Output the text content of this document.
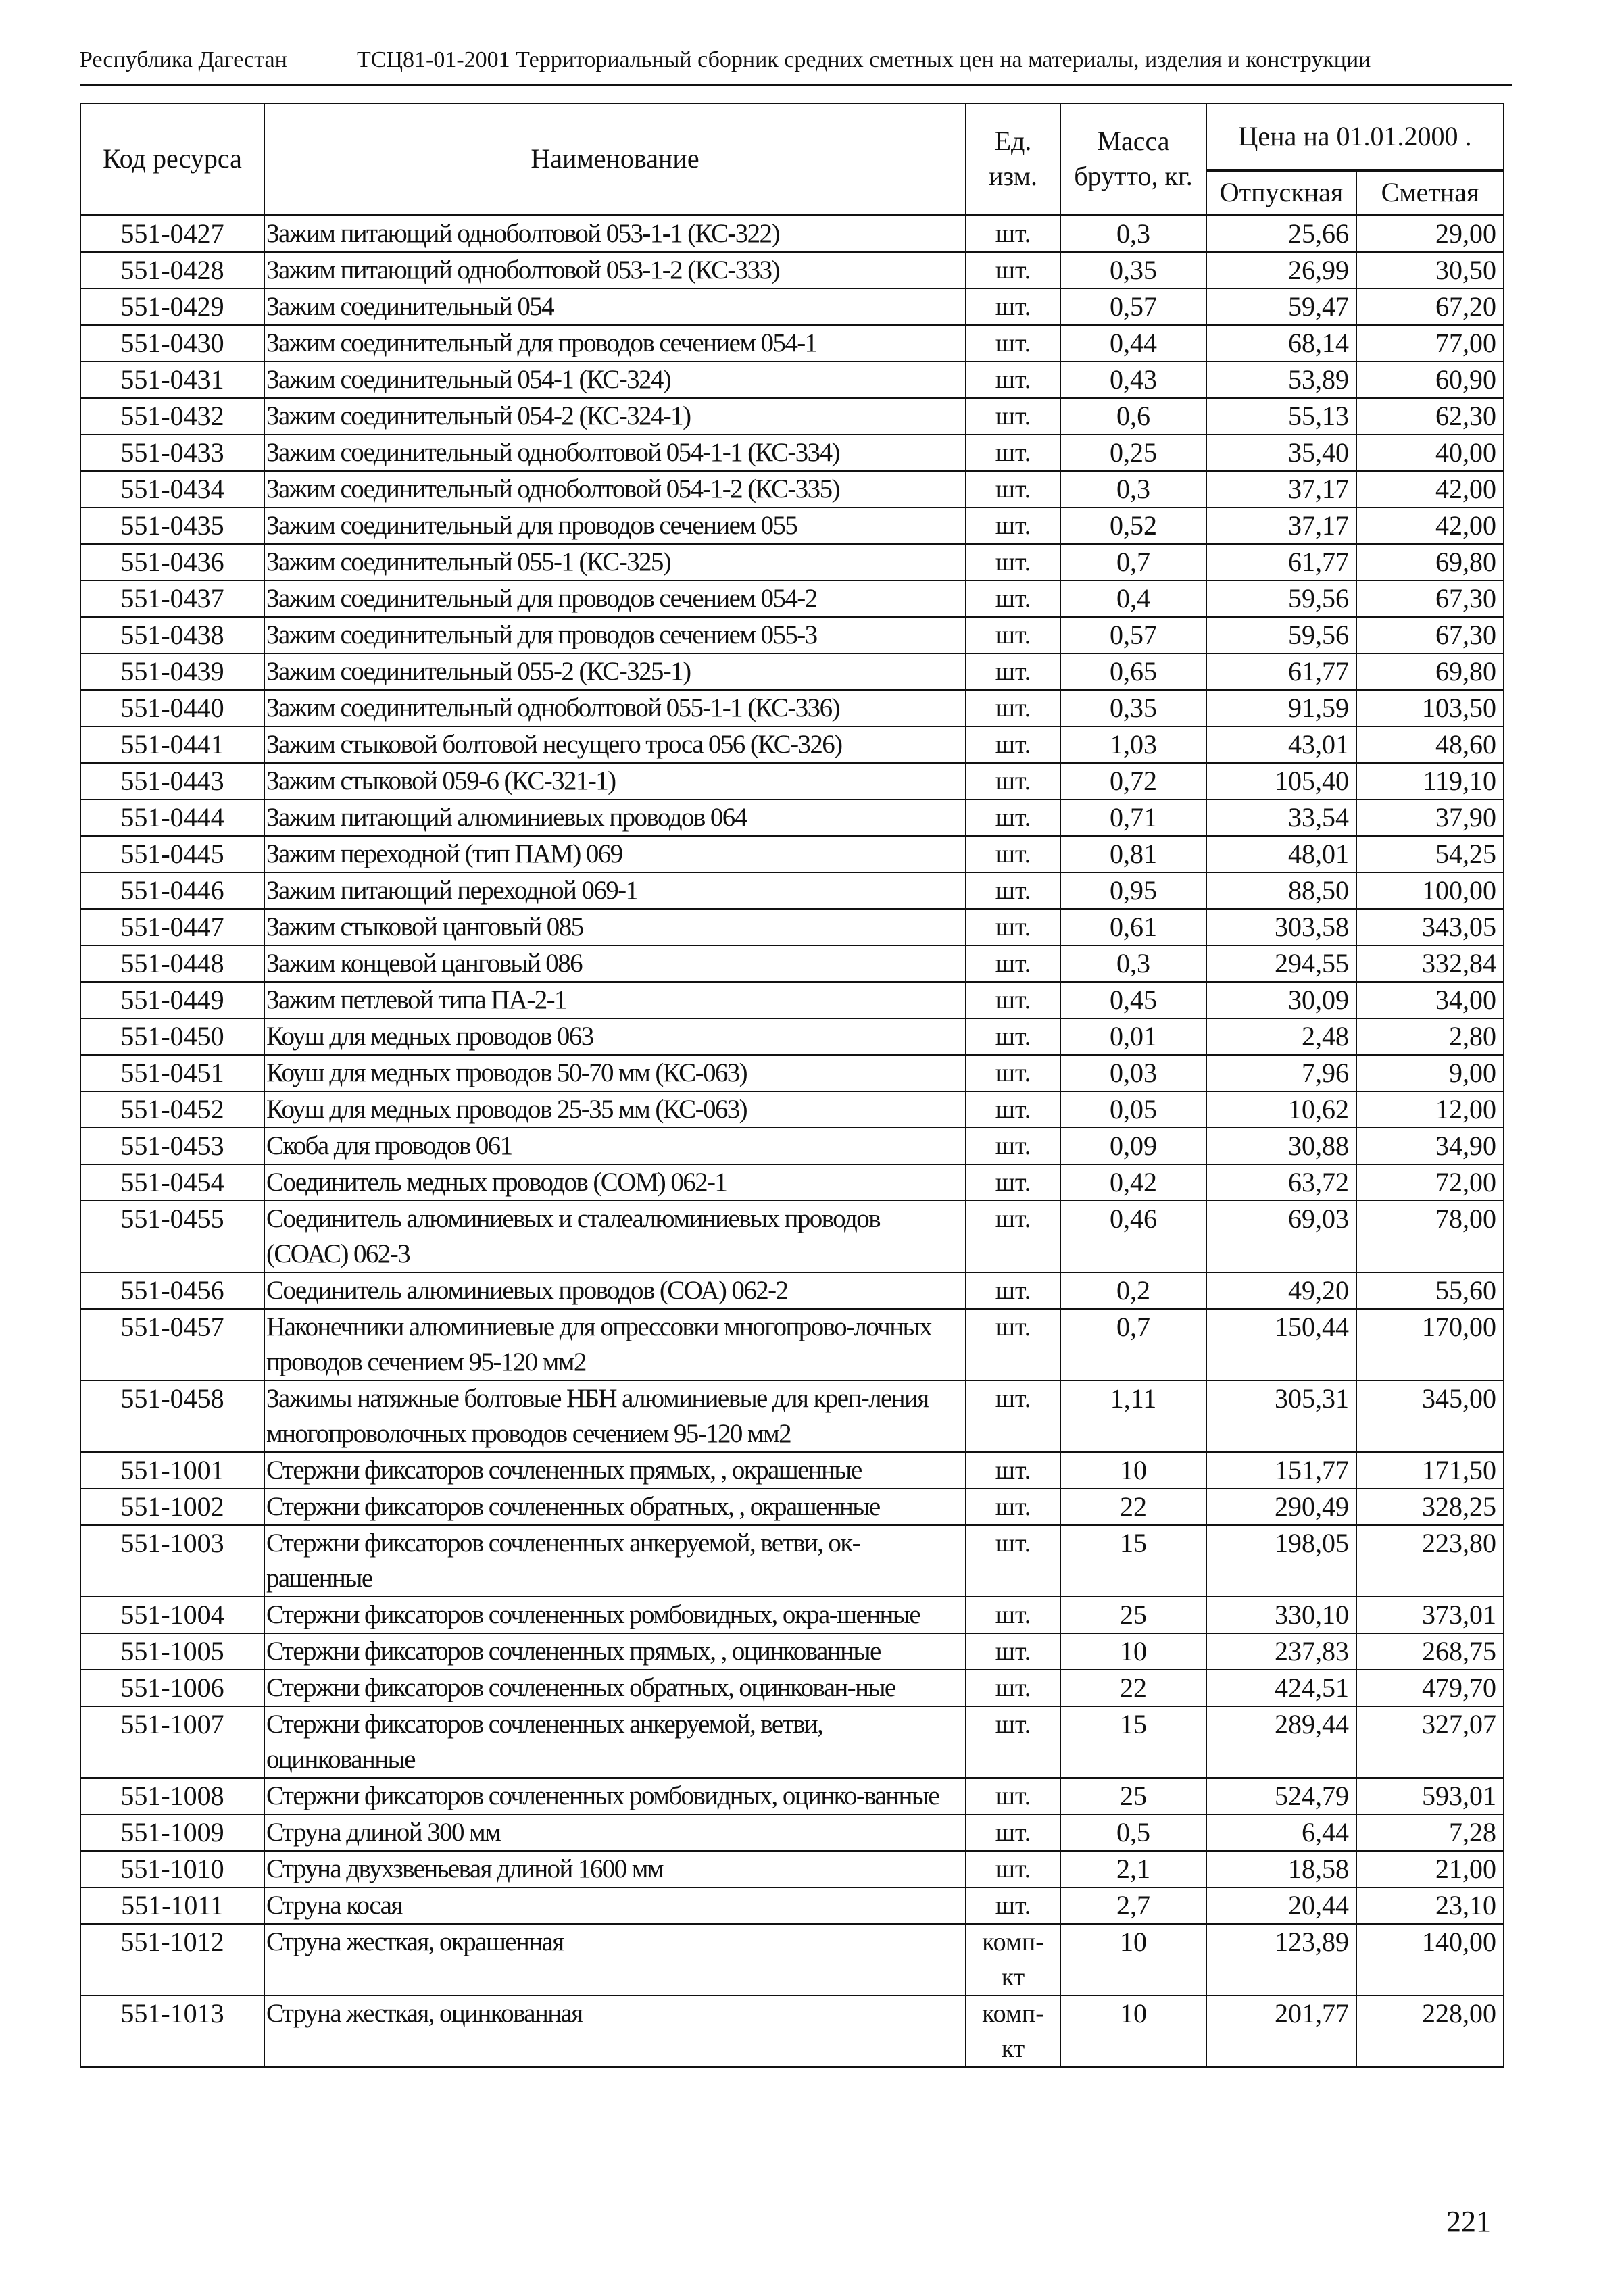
Республика Дагестан	ТСЦ81-01-2001 Территориальный сборник средних сметных цен на материалы, изделия и конструкции
Код ресурса	Наименование	Ед. изм.	Масса брутто, кг.	Цена на 01.01.2000 .	
				Отпускная	Сметная
551-0427	Зажим питающий одноболтовой 053-1-1 (КС-322)	шт.	0,3	25,66	29,00
551-0428	Зажим питающий одноболтовой 053-1-2 (КС-333)	шт.	0,35	26,99	30,50
551-0429	Зажим соединительный 054	шт.	0,57	59,47	67,20
551-0430	Зажим соединительный для проводов сечением 054-1	шт.	0,44	68,14	77,00
551-0431	Зажим соединительный 054-1 (КС-324)	шт.	0,43	53,89	60,90
551-0432	Зажим соединительный 054-2 (КС-324-1)	шт.	0,6	55,13	62,30
551-0433	Зажим соединительный одноболтовой 054-1-1 (КС-334)	шт.	0,25	35,40	40,00
551-0434	Зажим соединительный одноболтовой 054-1-2 (КС-335)	шт.	0,3	37,17	42,00
551-0435	Зажим соединительный для проводов сечением 055	шт.	0,52	37,17	42,00
551-0436	Зажим соединительный 055-1 (КС-325)	шт.	0,7	61,77	69,80
551-0437	Зажим соединительный для проводов сечением 054-2	шт.	0,4	59,56	67,30
551-0438	Зажим соединительный для проводов сечением 055-3	шт.	0,57	59,56	67,30
551-0439	Зажим соединительный 055-2 (КС-325-1)	шт.	0,65	61,77	69,80
551-0440	Зажим соединительный одноболтовой 055-1-1 (КС-336)	шт.	0,35	91,59	103,50
551-0441	Зажим стыковой болтовой несущего троса 056 (КС-326)	шт.	1,03	43,01	48,60
551-0443	Зажим стыковой 059-6 (КС-321-1)	шт.	0,72	105,40	119,10
551-0444	Зажим питающий алюминиевых проводов 064	шт.	0,71	33,54	37,90
551-0445	Зажим переходной (тип ПАМ) 069	шт.	0,81	48,01	54,25
551-0446	Зажим питающий переходной 069-1	шт.	0,95	88,50	100,00
551-0447	Зажим стыковой цанговый 085	шт.	0,61	303,58	343,05
551-0448	Зажим концевой цанговый 086	шт.	0,3	294,55	332,84
551-0449	Зажим петлевой типа ПА-2-1	шт.	0,45	30,09	34,00
551-0450	Коуш для медных проводов 063	шт.	0,01	2,48	2,80
551-0451	Коуш для медных проводов 50-70 мм (КС-063)	шт.	0,03	7,96	9,00
551-0452	Коуш для медных проводов 25-35 мм (КС-063)	шт.	0,05	10,62	12,00
551-0453	Скоба для проводов 061	шт.	0,09	30,88	34,90
551-0454	Соединитель медных проводов (СОМ) 062-1	шт.	0,42	63,72	72,00
551-0455	Соединитель алюминиевых и сталеалюминиевых проводов (СОАС) 062-3	шт.	0,46	69,03	78,00
551-0456	Соединитель алюминиевых проводов (СОА) 062-2	шт.	0,2	49,20	55,60
551-0457	Наконечники алюминиевые для опрессовки многопрово-лочных проводов сечением 95-120 мм2	шт.	0,7	150,44	170,00
551-0458	Зажимы натяжные болтовые НБН алюминиевые для креп-ления многопроволочных проводов сечением 95-120 мм2	шт.	1,11	305,31	345,00
551-1001	Стержни фиксаторов сочлененных прямых, , окрашенные	шт.	10	151,77	171,50
551-1002	Стержни фиксаторов сочлененных обратных, , окрашенные	шт.	22	290,49	328,25
551-1003	Стержни фиксаторов сочлененных анкеруемой, ветви, ок-рашенные	шт.	15	198,05	223,80
551-1004	Стержни фиксаторов сочлененных ромбовидных, окра-шенные	шт.	25	330,10	373,01
551-1005	Стержни фиксаторов сочлененных прямых, , оцинкованные	шт.	10	237,83	268,75
551-1006	Стержни фиксаторов сочлененных обратных, оцинкован-ные	шт.	22	424,51	479,70
551-1007	Стержни фиксаторов сочлененных анкеруемой, ветви, оцинкованные	шт.	15	289,44	327,07
551-1008	Стержни фиксаторов сочлененных ромбовидных, оцинко-ванные	шт.	25	524,79	593,01
551-1009	Струна длиной 300 мм	шт.	0,5	6,44	7,28
551-1010	Струна двухзвеньевая длиной 1600 мм	шт.	2,1	18,58	21,00
551-1011	Струна косая	шт.	2,7	20,44	23,10
551-1012	Струна жесткая, окрашенная	комп-кт	10	123,89	140,00
551-1013	Струна жесткая, оцинкованная	комп-кт	10	201,77	228,00
221
